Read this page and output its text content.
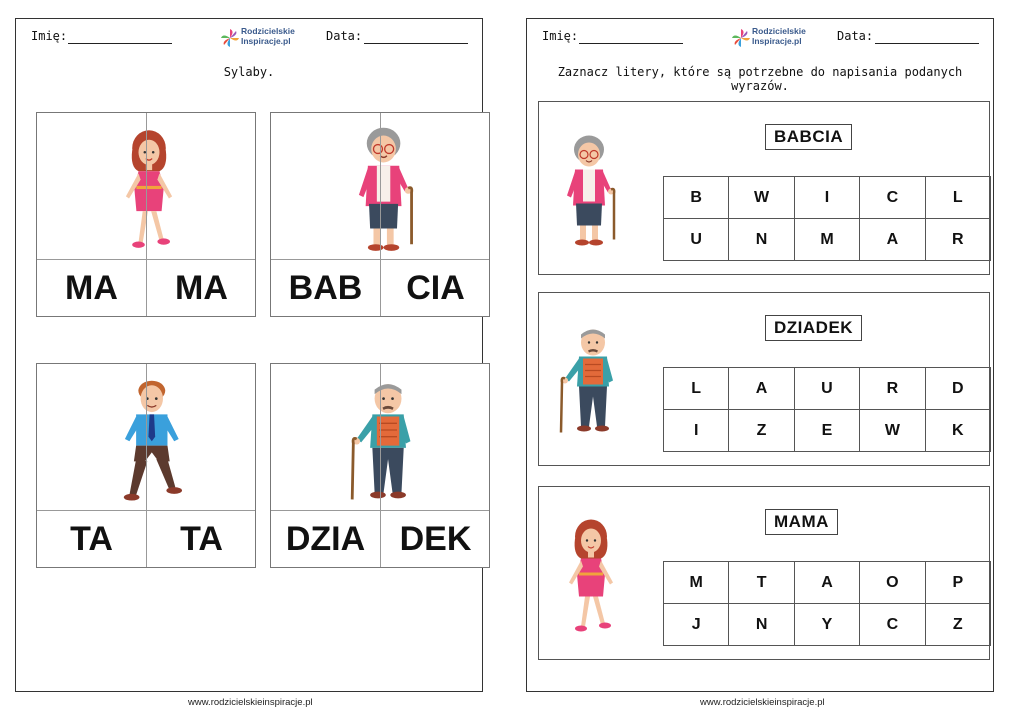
Imię:	Rodzicielskie
Inspiracje.pl	Data:
Sylaby.
MA	MA	BAB	CIA
TA	TA	DZIA	DEK
www.rodzicielskieinspiracje.pl
Imię:	Rodzicielskie
Inspiracje.pl	Data:
Zaznacz litery, które są potrzebne do napisania podanych wyrazów.
BABCIA
B	W	I	C	L
U	N	M	A	R
DZIADEK
L	A	U	R	D
I	Z	E	W	K
MAMA
M	T	A	O	P
J	N	Y	C	Z
www.rodzicielskieinspiracje.pl
